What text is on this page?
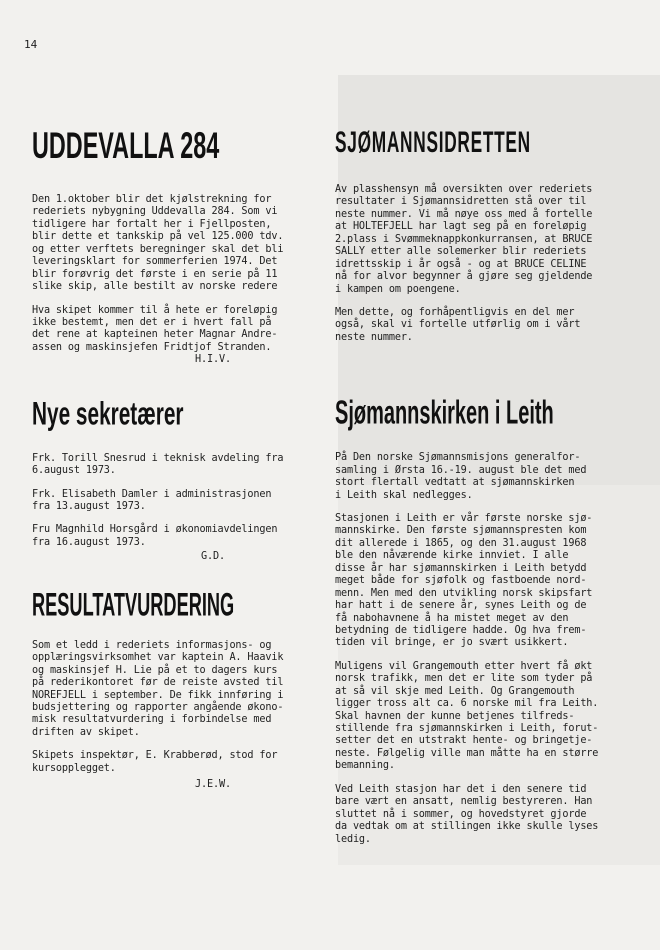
14
UDDEVALLA 284

Den 1.oktober blir det kjølstrekning for
rederiets nybygning Uddevalla 284. Som vi
tidligere har fortalt her i Fjellposten,
blir dette et tankskip på vel 125.000 tdv.
og etter verftets beregninger skal det bli
leveringsklart for sommerferien 1974. Det
blir forøvrig det første i en serie på 11
slike skip, alle bestilt av norske redere

Hva skipet kommer til å hete er foreløpig
ikke bestemt, men det er i hvert fall på
det rene at kapteinen heter Magnar Andre-
assen og maskinsjefen Fridtjof Stranden.

H.I.V.

Nye sekretærer

Frk. Torill Snesrud i teknisk avdeling fra
6.august 1973.

Frk. Elisabeth Damler i administrasjonen
fra 13.august 1973.

Fru Magnhild Horsgård i økonomiavdelingen
fra 16.august 1973.

G.D.

RESULTATVURDERING

Som et ledd i rederiets informasjons- og
opplæringsvirksomhet var kaptein A. Haavik
og maskinsjef H. Lie på et to dagers kurs
på rederikontoret før de reiste avsted til
NOREFJELL i september. De fikk innføring i
budsjettering og rapporter angående økono-
misk resultatvurdering i forbindelse med
driften av skipet.

Skipets inspektør, E. Krabberød, stod for
kursopplegget.

J.E.W.

SJØMANNSIDRETTEN

Av plasshensyn må oversikten over rederiets
resultater i Sjømannsidretten stå over til
neste nummer. Vi må nøye oss med å fortelle
at HOLTEFJELL har lagt seg på en foreløpig
2.plass i Svømmeknappkonkurransen, at BRUCE
SALLY etter alle solemerker blir rederiets
idrettsskip i år også - og at BRUCE CELINE
nå for alvor begynner å gjøre seg gjeldende
i kampen om poengene.

Men dette, og forhåpentligvis en del mer
også, skal vi fortelle utførlig om i vårt
neste nummer.

Sjømannskirken i Leith

På Den norske Sjømannsmisjons generalfor-
samling i Ørsta 16.-19. august ble det med
stort flertall vedtatt at sjømannskirken
i Leith skal nedlegges.

Stasjonen i Leith er vår første norske sjø-
mannskirke. Den første sjømannspresten kom
dit allerede i 1865, og den 31.august 1968
ble den nåværende kirke innviet. I alle
disse år har sjømannskirken i Leith betydd
meget både for sjøfolk og fastboende nord-
menn. Men med den utvikling norsk skipsfart
har hatt i de senere år, synes Leith og de
få nabohavnene å ha mistet meget av den
betydning de tidligere hadde. Og hva frem-
tiden vil bringe, er jo svært usikkert.

Muligens vil Grangemouth etter hvert få økt
norsk trafikk, men det er lite som tyder på
at så vil skje med Leith. Og Grangemouth
ligger tross alt ca. 6 norske mil fra Leith.
Skal havnen der kunne betjenes tilfreds-
stillende fra sjømannskirken i Leith, forut-
setter det en utstrakt hente- og bringetje-
neste. Følgelig ville man måtte ha en større
bemanning.

Ved Leith stasjon har det i den senere tid
bare vært en ansatt, nemlig bestyreren. Han
sluttet nå i sommer, og hovedstyret gjorde
da vedtak om at stillingen ikke skulle lyses
ledig.
